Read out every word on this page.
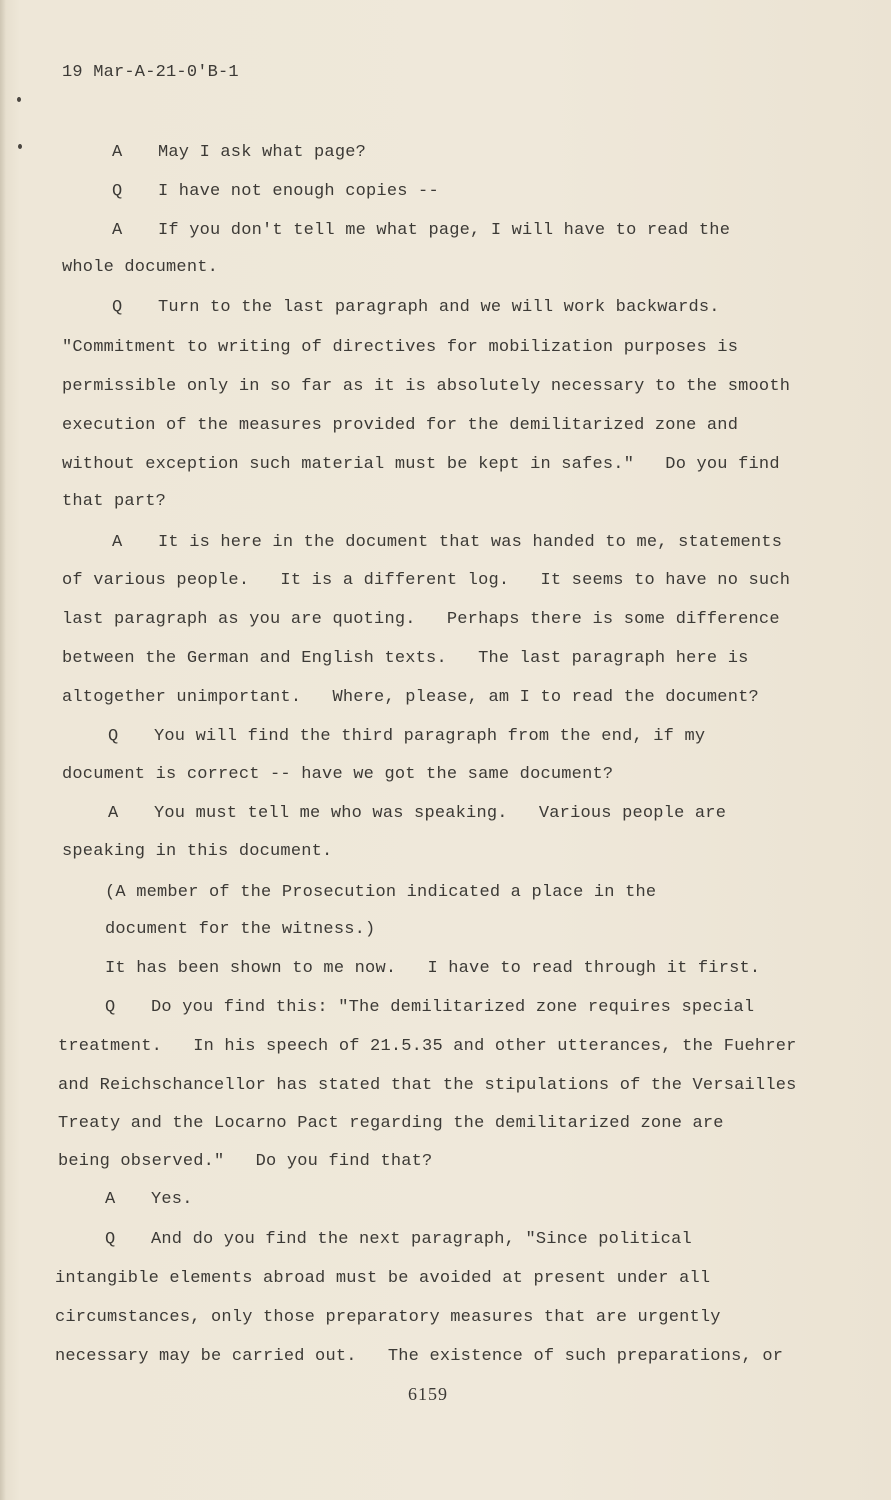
19 Mar-A-21-0'B-1
A May I ask what page?
Q I have not enough copies --
A If you don't tell me what page, I will have to read the
whole document.
Q Turn to the last paragraph and we will work backwards.
"Commitment to writing of directives for mobilization purposes is
permissible only in so far as it is absolutely necessary to the smooth
execution of the measures provided for the demilitarized zone and
without exception such material must be kept in safes."   Do you find
that part?
A It is here in the document that was handed to me, statements
of various people.   It is a different log.   It seems to have no such
last paragraph as you are quoting.   Perhaps there is some difference
between the German and English texts.   The last paragraph here is
altogether unimportant.   Where, please, am I to read the document?
Q You will find the third paragraph from the end, if my
document is correct -- have we got the same document?
A You must tell me who was speaking.   Various people are
speaking in this document.
(A member of the Prosecution indicated a place in the
document for the witness.)
It has been shown to me now.   I have to read through it first.
Q Do you find this: "The demilitarized zone requires special
treatment.   In his speech of 21.5.35 and other utterances, the Fuehrer
and Reichschancellor has stated that the stipulations of the Versailles
Treaty and the Locarno Pact regarding the demilitarized zone are
being observed."   Do you find that?
A Yes.
Q And do you find the next paragraph, "Since political
intangible elements abroad must be avoided at present under all
circumstances, only those preparatory measures that are urgently
necessary may be carried out.   The existence of such preparations, or
6159
